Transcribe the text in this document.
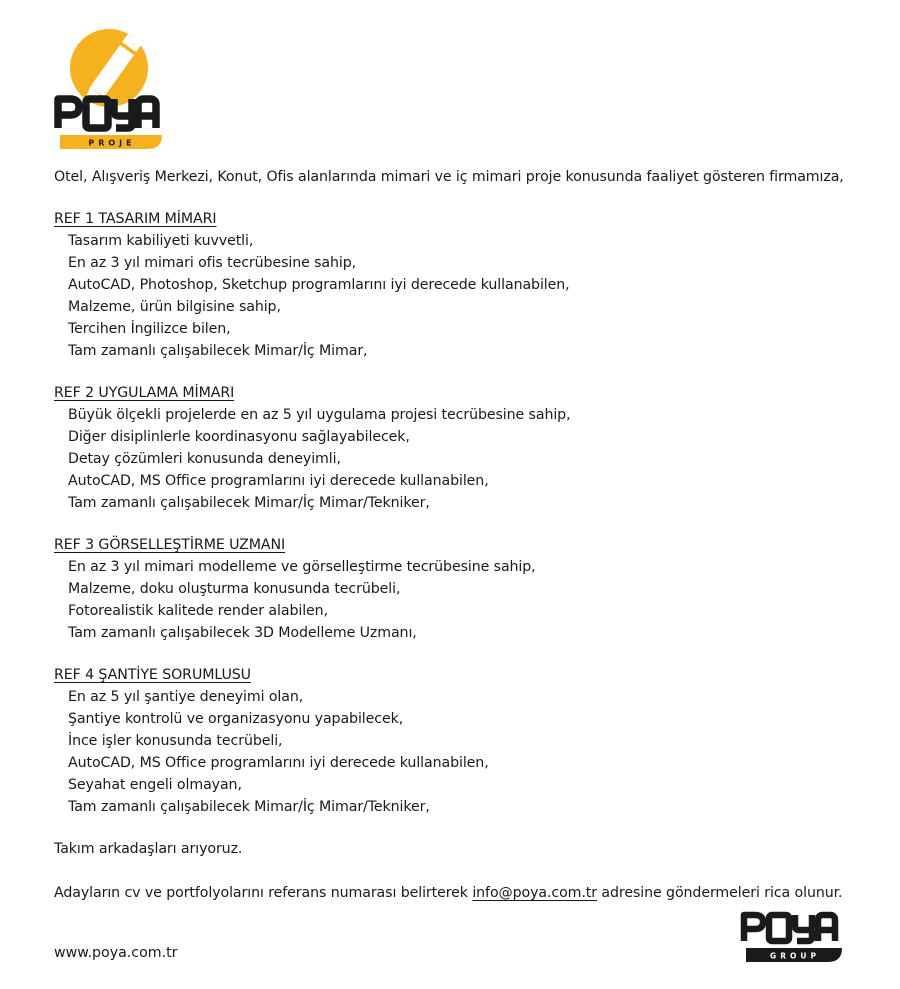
PROJE

Otel, Alışveriş Merkezi, Konut, Ofis alanlarında mimari ve iç mimari proje konusunda faaliyet gösteren firmamıza,

REF 1 TASARIM MİMARI
Tasarım kabiliyeti kuvvetli,
En az 3 yıl mimari ofis tecrübesine sahip,
AutoCAD, Photoshop, Sketchup programlarını iyi derecede kullanabilen,
Malzeme, ürün bilgisine sahip,
Tercihen İngilizce bilen,
Tam zamanlı çalışabilecek Mimar/İç Mimar,
REF 2 UYGULAMA MİMARI
Büyük ölçekli projelerde en az 5 yıl uygulama projesi tecrübesine sahip,
Diğer disiplinlerle koordinasyonu sağlayabilecek,
Detay çözümleri konusunda deneyimli,
AutoCAD, MS Office programlarını iyi derecede kullanabilen,
Tam zamanlı çalışabilecek Mimar/İç Mimar/Tekniker,
REF 3 GÖRSELLEŞTİRME UZMANI
En az 3 yıl mimari modelleme ve görselleştirme tecrübesine sahip,
Malzeme, doku oluşturma konusunda tecrübeli,
Fotorealistik kalitede render alabilen,
Tam zamanlı çalışabilecek 3D Modelleme Uzmanı,
REF 4 ŞANTİYE SORUMLUSU
En az 5 yıl şantiye deneyimi olan,
Şantiye kontrolü ve organizasyonu yapabilecek,
İnce işler konusunda tecrübeli,
AutoCAD, MS Office programlarını iyi derecede kullanabilen,
Seyahat engeli olmayan,
Tam zamanlı çalışabilecek Mimar/İç Mimar/Tekniker,

Takım arkadaşları arıyoruz.

Adayların cv ve portfolyolarını referans numarası belirterek info@poya.com.tr adresine göndermeleri rica olunur.

www.poya.com.tr	GROUP
